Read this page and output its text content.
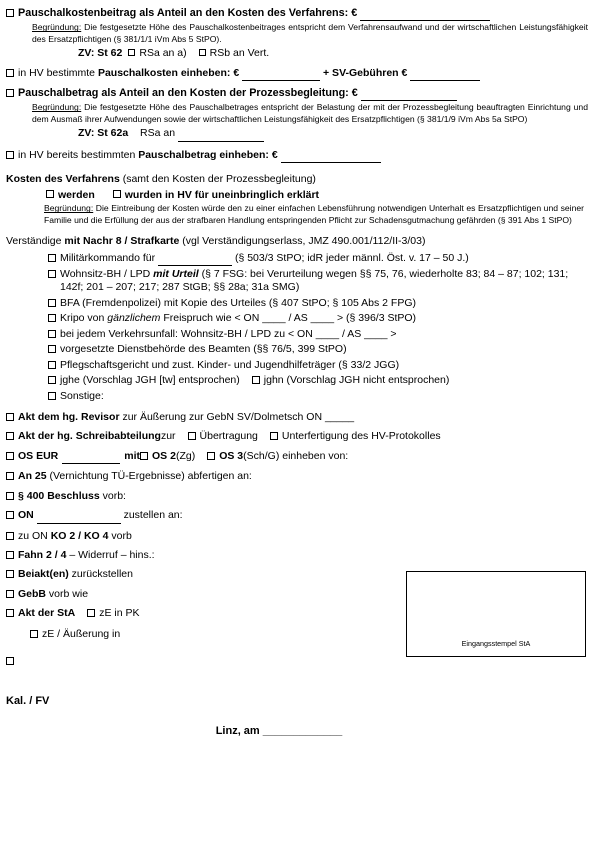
Pauschalkostenbeitrag als Anteil an den Kosten des Verfahrens: €
Begründung: Die festgesetzte Höhe des Pauschalkostenbeitrages entspricht dem Verfahrensaufwand und der wirtschaftlichen Leistungsfähigkeit des Ersatzpflichtigen (§ 381/1/1 iVm Abs 5 StPO).
ZV: St 62 RSa an a) RSb an Vert.
in HV bestimmte Pauschalkosten einheben: €	+ SV-Gebühren €
Pauschalbetrag als Anteil an den Kosten der Prozessbegleitung: €
Begründung: Die festgesetzte Höhe des Pauschalbetrages entspricht der Belastung der mit der Prozessbegleitung beauftragten Einrichtung und dem Ausmaß ihrer Aufwendungen sowie der wirtschaftlichen Leistungsfähigkeit des Ersatzpflichtigen (§ 381/1/9 iVm Abs 5a StPO)
ZV: St 62a RSa an
in HV bereits bestimmten Pauschalbetrag einheben: €
Kosten des Verfahrens (samt den Kosten der Prozessbegleitung)
werden	wurden in HV für uneinbringlich erklärt
Begründung: Die Eintreibung der Kosten würde den zu einer einfachen Lebensführung notwendigen Unterhalt es Ersatzpflichtigen und seiner Familie und die Erfüllung der aus der strafbaren Handlung entspringenden Pflicht zur Schadensgutmachung gefährden (§ 391 Abs 1 StPO)
Verständige mit Nachr 8 / Strafkarte (vgl Verständigungserlass, JMZ 490.001/112/II-3/03)
Militärkommando für	(§ 503/3 StPO; idR jeder männl. Öst. v. 17 – 50 J.)
Wohnsitz-BH / LPD mit Urteil (§ 7 FSG: bei Verurteilung wegen §§ 75, 76, wiederholte 83; 84 – 87; 102; 131; 142f; 201 – 207; 217; 287 StGB; §§ 28a; 31a SMG)
BFA (Fremdenpolizei) mit Kopie des Urteiles (§ 407 StPO; § 105 Abs 2 FPG)
Kripo von gänzlichem Freispruch wie < ON ____ / AS ____ > (§ 396/3 StPO)
bei jedem Verkehrsunfall: Wohnsitz-BH / LPD zu < ON ____ / AS ____ >
vorgesetzte Dienstbehörde des Beamten (§§ 76/5, 399 StPO)
Pflegschaftsgericht und zust. Kinder- und Jugendhilfeträger (§ 33/2 JGG)
jghe (Vorschlag JGH [tw] entsprochen) jghn (Vorschlag JGH nicht entsprochen)
Sonstige:
Akt dem hg. Revisor zur Äußerung zur GebN SV/Dolmetsch ON _____
Akt der hg. Schreibabteilung zur Übertragung Unterfertigung des HV-Protokolles
OS EUR
	mit OS 2 (Zg) OS 3 (Sch/G) einheben von:
An 25 (Vernichtung TÜ-Ergebnisse) abfertigen an:
§ 400 Beschluss vorb:
ON	zustellen an:
zu ON KO 2 / KO 4 vorb
Fahn 2 / 4 – Widerruf – hins.:
Beiakt(en) zurückstellen
GebB vorb wie
Akt der StA zE in PK
zE / Äußerung in

Kal. / FV
Linz, am _____________
Eingangsstempel StA
